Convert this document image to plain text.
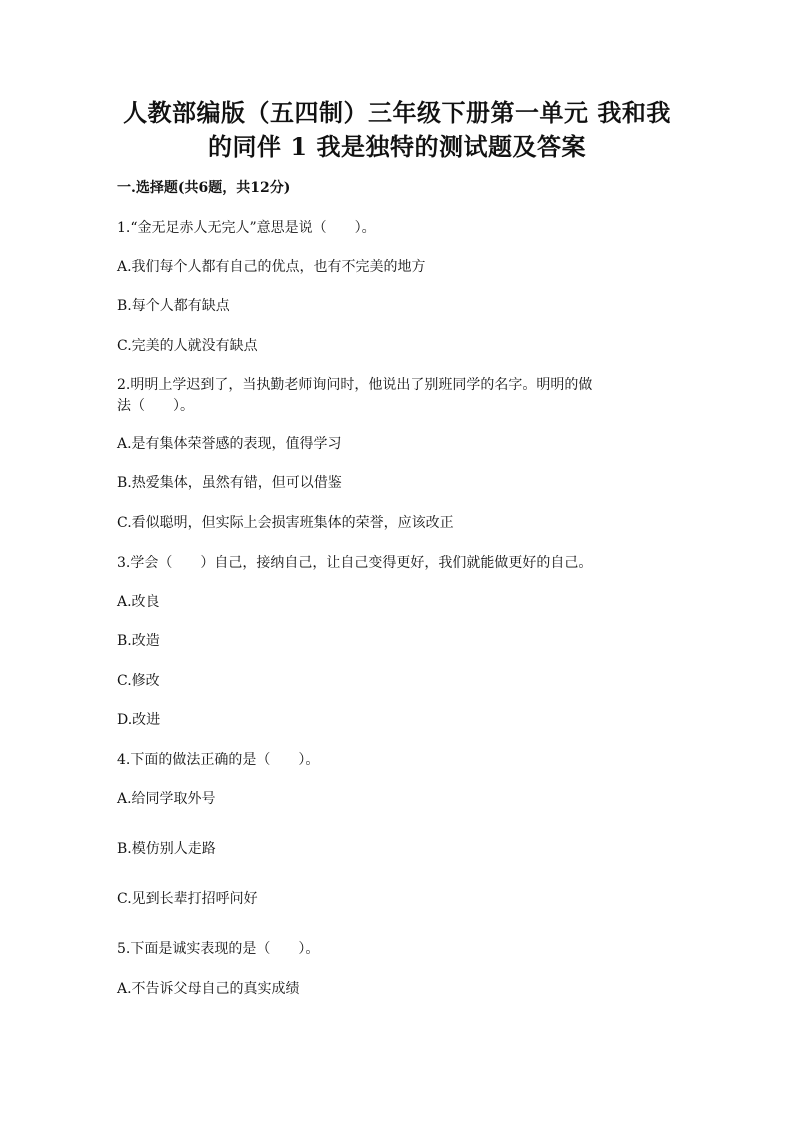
人教部编版（五四制）三年级下册第一单元 我和我
的同伴 1 我是独特的测试题及答案
一.选择题(共6题，共12分)
1.“金无足赤人无完人”意思是说（　　）。
A.我们每个人都有自己的优点，也有不完美的地方
B.每个人都有缺点
C.完美的人就没有缺点
2.明明上学迟到了，当执勤老师询问时，他说出了别班同学的名字。明明的做
法（　　）。
A.是有集体荣誉感的表现，值得学习
B.热爱集体，虽然有错，但可以借鉴
C.看似聪明，但实际上会损害班集体的荣誉，应该改正
3.学会（　　）自己，接纳自己，让自己变得更好，我们就能做更好的自己。
A.改良
B.改造
C.修改
D.改进
4.下面的做法正确的是（　　）。
A.给同学取外号
B.模仿别人走路
C.见到长辈打招呼问好
5.下面是诚实表现的是（　　）。
A.不告诉父母自己的真实成绩
